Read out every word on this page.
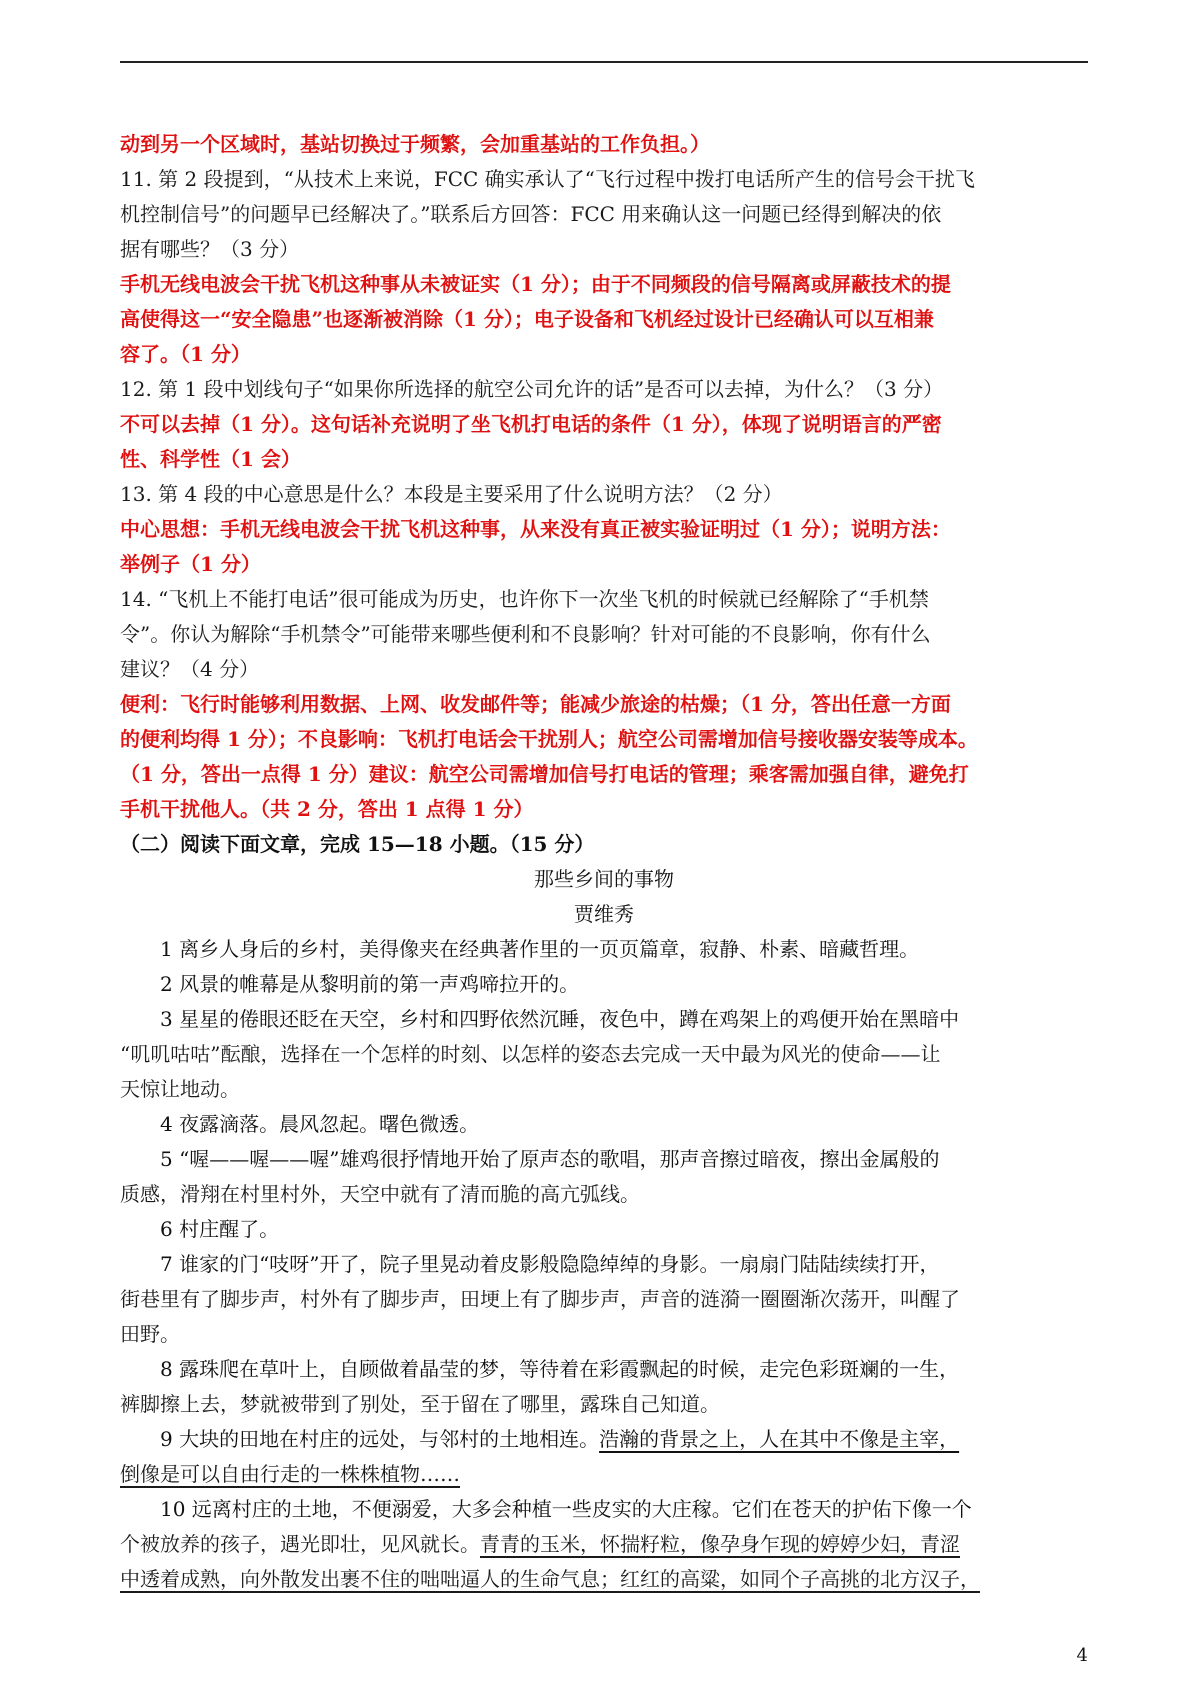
动到另一个区域时，基站切换过于频繁，会加重基站的工作负担。）
11. 第 2 段提到，“从技术上来说，FCC 确实承认了“飞行过程中拨打电话所产生的信号会干扰飞
机控制信号”的问题早已经解决了。”联系后方回答：FCC 用来确认这一问题已经得到解决的依
据有哪些？（3 分）
手机无线电波会干扰飞机这种事从未被证实（1 分）；由于不同频段的信号隔离或屏蔽技术的提
高使得这一“安全隐患”也逐渐被消除（1 分）；电子设备和飞机经过设计已经确认可以互相兼
容了。（1 分）
12. 第 1 段中划线句子“如果你所选择的航空公司允许的话”是否可以去掉，为什么？（3 分）
不可以去掉（1 分）。这句话补充说明了坐飞机打电话的条件（1 分），体现了说明语言的严密
性、科学性（1 会）
13. 第 4 段的中心意思是什么？本段是主要采用了什么说明方法？（2 分）
中心思想：手机无线电波会干扰飞机这种事，从来没有真正被实验证明过（1 分）；说明方法：
举例子（1 分）
14. “飞机上不能打电话”很可能成为历史，也许你下一次坐飞机的时候就已经解除了“手机禁
令”。你认为解除“手机禁令”可能带来哪些便利和不良影响？针对可能的不良影响，你有什么
建议？（4 分）
便利：飞行时能够利用数据、上网、收发邮件等；能减少旅途的枯燥；（1 分，答出任意一方面
的便利均得 1 分）；不良影响：飞机打电话会干扰别人；航空公司需增加信号接收器安装等成本。
（1 分，答出一点得 1 分）建议：航空公司需增加信号打电话的管理；乘客需加强自律，避免打
手机干扰他人。（共 2 分，答出 1 点得 1 分）
（二）阅读下面文章，完成 15—18 小题。（15 分）
那些乡间的事物
贾维秀
1 离乡人身后的乡村，美得像夹在经典著作里的一页页篇章，寂静、朴素、暗藏哲理。
2 风景的帷幕是从黎明前的第一声鸡啼拉开的。
3 星星的倦眼还眨在天空，乡村和四野依然沉睡，夜色中，蹲在鸡架上的鸡便开始在黑暗中
“叽叽咕咕”酝酿，选择在一个怎样的时刻、以怎样的姿态去完成一天中最为风光的使命——让
天惊让地动。
4 夜露滴落。晨风忽起。曙色微透。
5 “喔——喔——喔”雄鸡很抒情地开始了原声态的歌唱，那声音擦过暗夜，擦出金属般的
质感，滑翔在村里村外，天空中就有了清而脆的高亢弧线。
6 村庄醒了。
7 谁家的门“吱呀”开了，院子里晃动着皮影般隐隐绰绰的身影。一扇扇门陆陆续续打开，
街巷里有了脚步声，村外有了脚步声，田埂上有了脚步声，声音的涟漪一圈圈渐次荡开，叫醒了
田野。
8 露珠爬在草叶上，自顾做着晶莹的梦，等待着在彩霞飘起的时候，走完色彩斑斓的一生，
裤脚擦上去，梦就被带到了别处，至于留在了哪里，露珠自己知道。
9 大块的田地在村庄的远处，与邻村的土地相连。浩瀚的背景之上，人在其中不像是主宰，
倒像是可以自由行走的一株株植物……
10 远离村庄的土地，不便溺爱，大多会种植一些皮实的大庄稼。它们在苍天的护佑下像一个
个被放养的孩子，遇光即壮，见风就长。青青的玉米，怀揣籽粒，像孕身乍现的婷婷少妇，青涩
中透着成熟，向外散发出裹不住的咄咄逼人的生命气息；红红的高粱，如同个子高挑的北方汉子，
4
